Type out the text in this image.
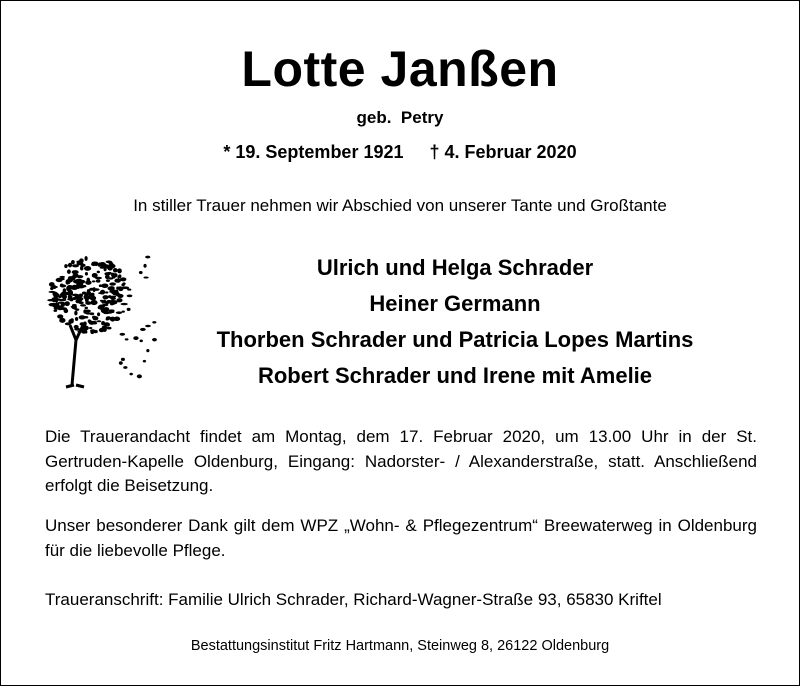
Lotte Janßen
geb.  Petry
* 19. September 1921 † 4. Februar 2020
In stiller Trauer nehmen wir Abschied von unserer Tante und Großtante
Ulrich und Helga Schrader
Heiner Germann
Thorben Schrader und Patricia Lopes Martins
Robert Schrader und Irene mit Amelie
Die Trauerandacht findet am Montag, dem 17. Februar 2020, um 13.00 Uhr in der St. Gertruden-Kapelle Oldenburg, Eingang: Nadorster- / Alexanderstraße, statt. Anschließend erfolgt die Beisetzung.
Unser besonderer Dank gilt dem WPZ „Wohn- & Pflegezentrum“ Breewaterweg in Oldenburg für die liebevolle Pflege.
Traueranschrift: Familie Ulrich Schrader, Richard-Wagner-Straße 93, 65830 Kriftel
Bestattungsinstitut Fritz Hartmann, Steinweg 8, 26122 Oldenburg
